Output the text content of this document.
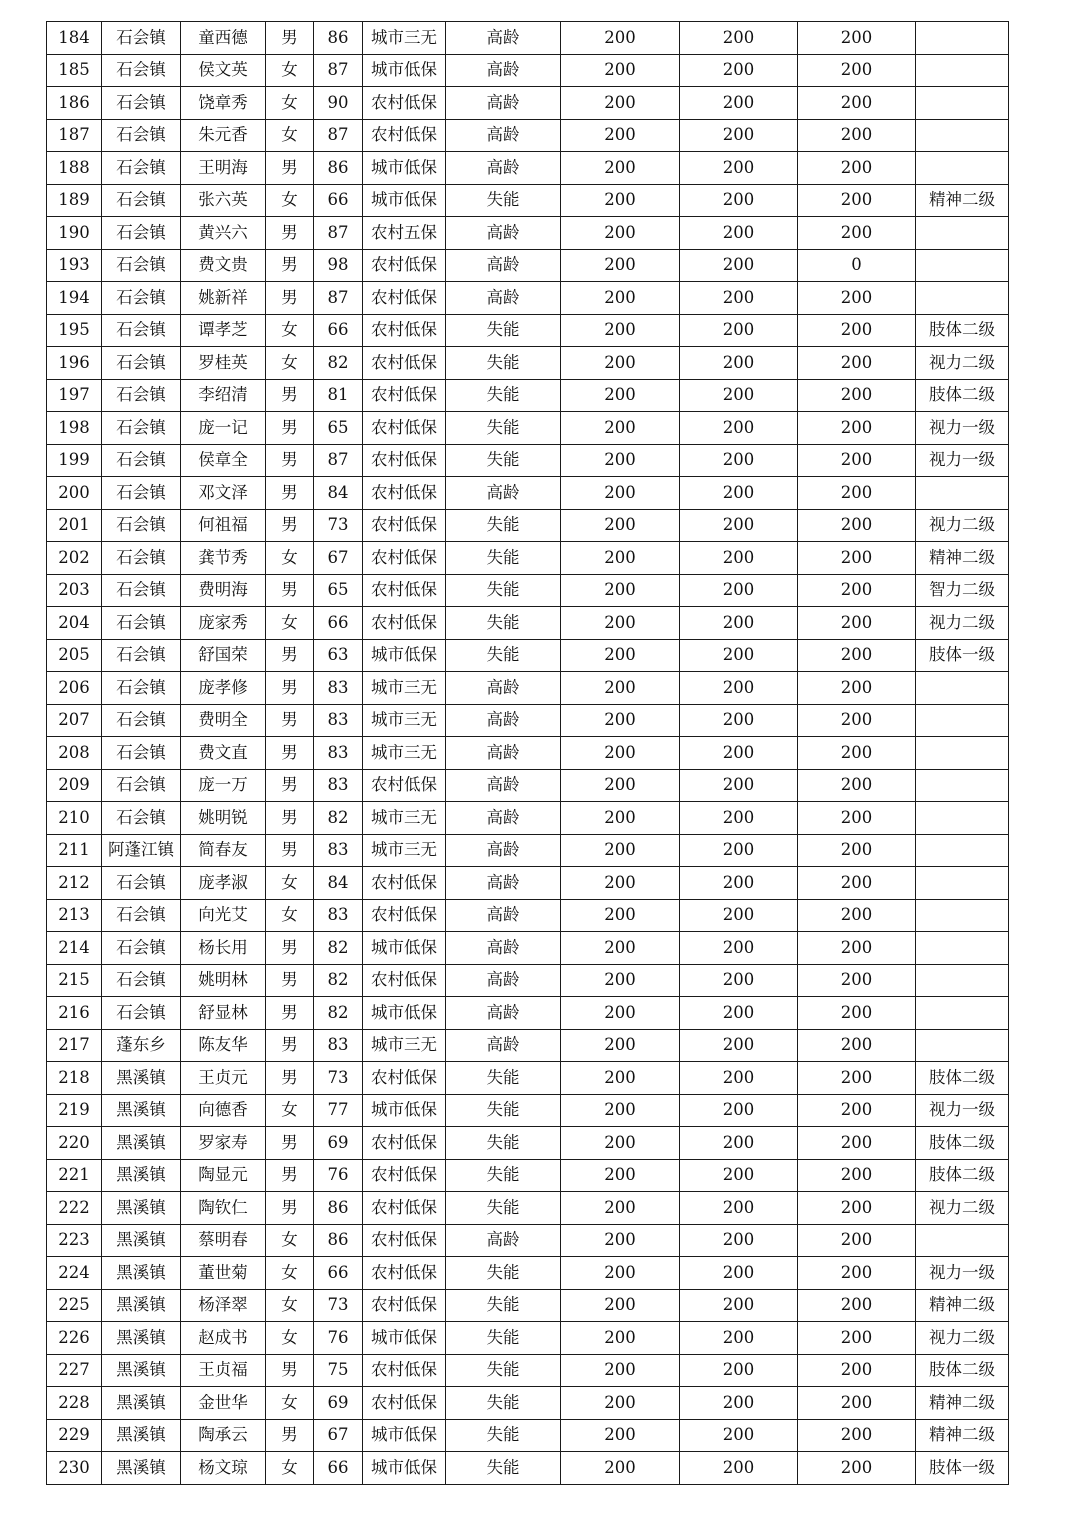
184	石会镇	童西德	男	86	城市三无	高龄	200	200	200	
185	石会镇	侯文英	女	87	城市低保	高龄	200	200	200	
186	石会镇	饶章秀	女	90	农村低保	高龄	200	200	200	
187	石会镇	朱元香	女	87	农村低保	高龄	200	200	200	
188	石会镇	王明海	男	86	城市低保	高龄	200	200	200	
189	石会镇	张六英	女	66	城市低保	失能	200	200	200	精神二级
190	石会镇	黄兴六	男	87	农村五保	高龄	200	200	200	
193	石会镇	费文贵	男	98	农村低保	高龄	200	200	0	
194	石会镇	姚新祥	男	87	农村低保	高龄	200	200	200	
195	石会镇	谭孝芝	女	66	农村低保	失能	200	200	200	肢体二级
196	石会镇	罗桂英	女	82	农村低保	失能	200	200	200	视力二级
197	石会镇	李绍清	男	81	农村低保	失能	200	200	200	肢体二级
198	石会镇	庞一记	男	65	农村低保	失能	200	200	200	视力一级
199	石会镇	侯章全	男	87	农村低保	失能	200	200	200	视力一级
200	石会镇	邓文泽	男	84	农村低保	高龄	200	200	200	
201	石会镇	何祖福	男	73	农村低保	失能	200	200	200	视力二级
202	石会镇	龚节秀	女	67	农村低保	失能	200	200	200	精神二级
203	石会镇	费明海	男	65	农村低保	失能	200	200	200	智力二级
204	石会镇	庞家秀	女	66	农村低保	失能	200	200	200	视力二级
205	石会镇	舒国荣	男	63	城市低保	失能	200	200	200	肢体一级
206	石会镇	庞孝修	男	83	城市三无	高龄	200	200	200	
207	石会镇	费明全	男	83	城市三无	高龄	200	200	200	
208	石会镇	费文直	男	83	城市三无	高龄	200	200	200	
209	石会镇	庞一万	男	83	农村低保	高龄	200	200	200	
210	石会镇	姚明锐	男	82	城市三无	高龄	200	200	200	
211	阿蓬江镇	简春友	男	83	城市三无	高龄	200	200	200	
212	石会镇	庞孝淑	女	84	农村低保	高龄	200	200	200	
213	石会镇	向光艾	女	83	农村低保	高龄	200	200	200	
214	石会镇	杨长用	男	82	城市低保	高龄	200	200	200	
215	石会镇	姚明林	男	82	农村低保	高龄	200	200	200	
216	石会镇	舒显林	男	82	城市低保	高龄	200	200	200	
217	蓬东乡	陈友华	男	83	城市三无	高龄	200	200	200	
218	黑溪镇	王贞元	男	73	农村低保	失能	200	200	200	肢体二级
219	黑溪镇	向德香	女	77	城市低保	失能	200	200	200	视力一级
220	黑溪镇	罗家寿	男	69	农村低保	失能	200	200	200	肢体二级
221	黑溪镇	陶显元	男	76	农村低保	失能	200	200	200	肢体二级
222	黑溪镇	陶钦仁	男	86	农村低保	失能	200	200	200	视力二级
223	黑溪镇	蔡明春	女	86	农村低保	高龄	200	200	200	
224	黑溪镇	董世菊	女	66	农村低保	失能	200	200	200	视力一级
225	黑溪镇	杨泽翠	女	73	农村低保	失能	200	200	200	精神二级
226	黑溪镇	赵成书	女	76	城市低保	失能	200	200	200	视力二级
227	黑溪镇	王贞福	男	75	农村低保	失能	200	200	200	肢体二级
228	黑溪镇	金世华	女	69	农村低保	失能	200	200	200	精神二级
229	黑溪镇	陶承云	男	67	城市低保	失能	200	200	200	精神二级
230	黑溪镇	杨文琼	女	66	城市低保	失能	200	200	200	肢体一级
